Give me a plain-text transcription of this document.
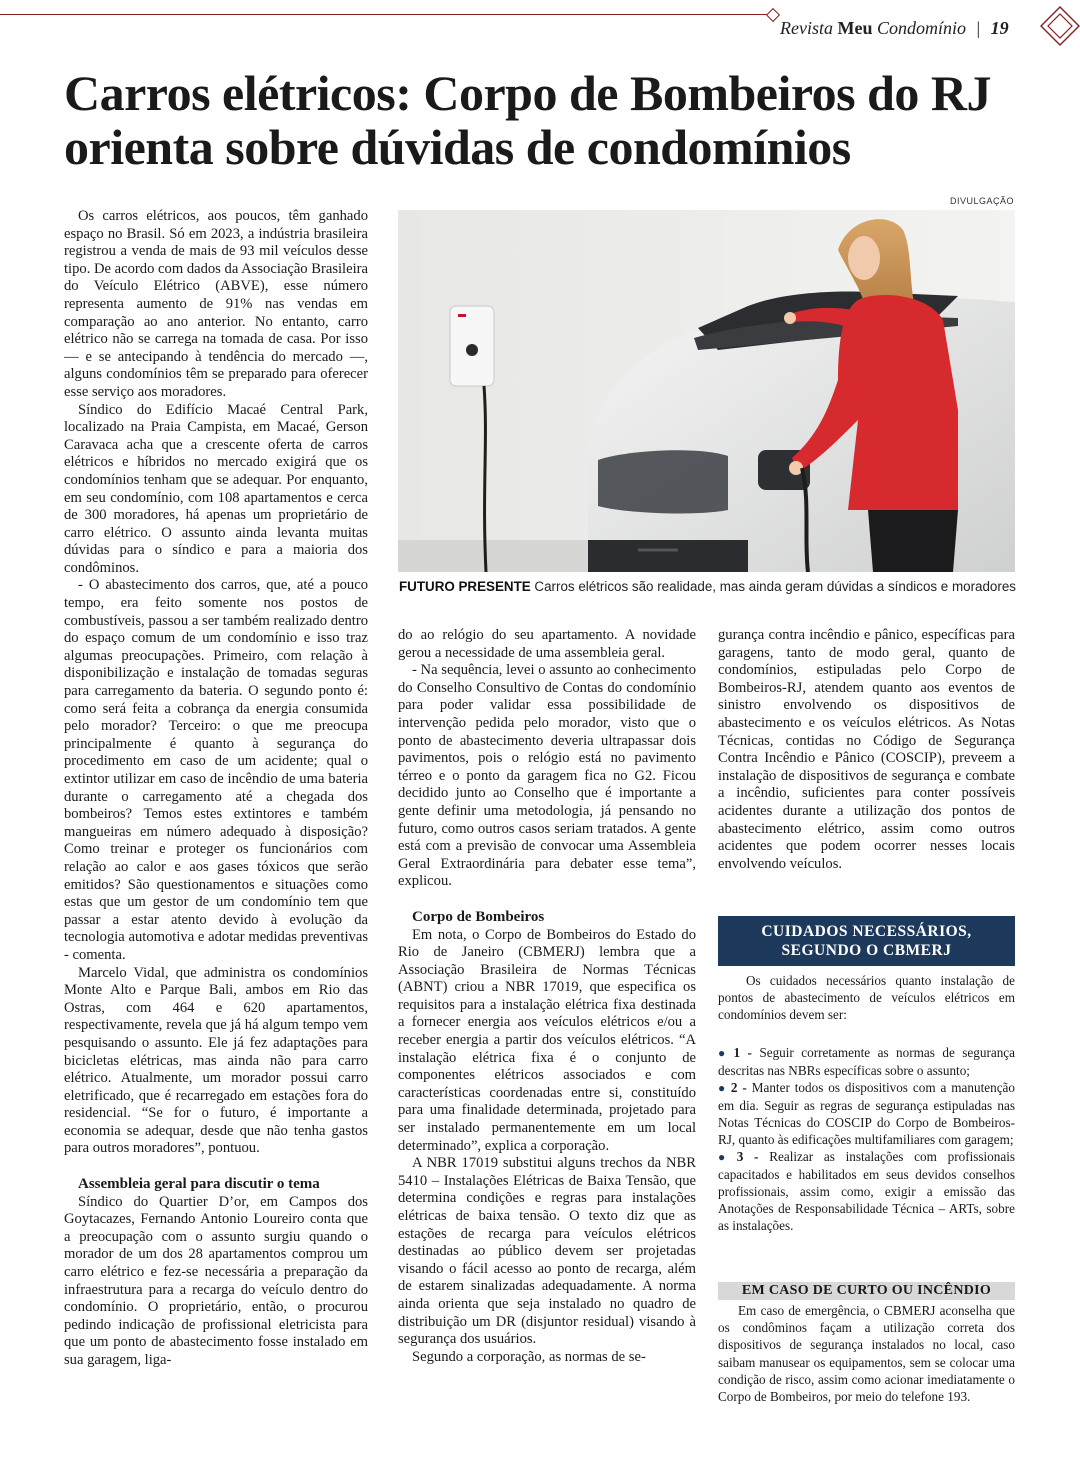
Revista Meu Condomínio | 19
Carros elétricos: Corpo de Bombeiros do RJ orienta sobre dúvidas de condomínios
DIVULGAÇÃO
FUTURO PRESENTE Carros elétricos são realidade, mas ainda geram dúvidas a síndicos e moradores

Os carros elétricos, aos poucos, têm ganhado espaço no Brasil. Só em 2023, a indústria brasileira registrou a venda de mais de 93 mil veículos desse tipo. De acordo com dados da Associação Brasileira do Veículo Elétrico (ABVE), esse número representa aumento de 91% nas vendas em comparação ao ano anterior. No entanto, carro elétrico não se carrega na tomada de casa. Por isso — e se antecipando à tendência do mercado —, alguns condomínios têm se preparado para oferecer esse serviço aos moradores.

Síndico do Edifício Macaé Central Park, localizado na Praia Campista, em Macaé, Gerson Caravaca acha que a crescente oferta de carros elétricos e híbridos no mercado exigirá que os condomínios tenham que se adequar. Por enquanto, em seu condomínio, com 108 apartamentos e cerca de 300 moradores, há apenas um proprietário de carro elétrico. O assunto ainda levanta muitas dúvidas para o síndico e para a maioria dos condôminos.

- O abastecimento dos carros, que, até a pouco tempo, era feito somente nos postos de combustíveis, passou a ser também realizado dentro do espaço comum de um condomínio e isso traz algumas preocupações. Primeiro, com relação à disponibilização e instalação de tomadas seguras para carregamento da bateria. O segundo ponto é: como será feita a cobrança da energia consumida pelo morador? Terceiro: o que me preocupa principalmente é quanto à segurança do procedimento em caso de um acidente; qual o extintor utilizar em caso de incêndio de uma bateria durante o carregamento até a chegada dos bombeiros? Temos estes extintores e também mangueiras em número adequado à disposição? Como treinar e proteger os funcionários com relação ao calor e aos gases tóxicos que serão emitidos? São questionamentos e situações como estas que um gestor de um condomínio tem que passar a estar atento devido à evolução da tecnologia automotiva e adotar medidas preventivas - comenta.

Marcelo Vidal, que administra os condomínios Monte Alto e Parque Bali, ambos em Rio das Ostras, com 464 e 620 apartamentos, respectivamente, revela que já há algum tempo vem pesquisando o assunto. Ele já fez adaptações para bicicletas elétricas, mas ainda não para carro elétrico. Atualmente, um morador possui carro eletrificado, que é recarregado em estações fora do residencial. “Se for o futuro, é importante a economia se adequar, desde que não tenha gastos para outros moradores”, pontuou.

Assembleia geral para discutir o tema

Síndico do Quartier D’or, em Campos dos Goytacazes, Fernando Antonio Loureiro conta que a preocupação com o assunto surgiu quando o morador de um dos 28 apartamentos comprou um carro elétrico e fez-se necessária a preparação da infraestrutura para a recarga do veículo dentro do condomínio. O proprietário, então, o procurou pedindo indicação de profissional eletricista para que um ponto de abastecimento fosse instalado em sua garagem, liga-

do ao relógio do seu apartamento. A novidade gerou a necessidade de uma assembleia geral.

- Na sequência, levei o assunto ao conhecimento do Conselho Consultivo de Contas do condomínio para poder validar essa possibilidade de intervenção pedida pelo morador, visto que o ponto de abastecimento deveria ultrapassar dois pavimentos, pois o relógio está no pavimento térreo e o ponto da garagem fica no G2. Ficou decidido junto ao Conselho que é importante a gente definir uma metodologia, já pensando no futuro, como outros casos seriam tratados. A gente está com a previsão de convocar uma Assembleia Geral Extraordinária para debater esse tema”, explicou.

Corpo de Bombeiros

Em nota, o Corpo de Bombeiros do Estado do Rio de Janeiro (CBMERJ) lembra que a Associação Brasileira de Normas Técnicas (ABNT) criou a NBR 17019, que especifica os requisitos para a instalação elétrica fixa destinada a fornecer energia aos veículos elétricos e/ou a receber energia a partir dos veículos elétricos. “A instalação elétrica fixa é o conjunto de componentes elétricos associados e com características coordenadas entre si, constituído para uma finalidade determinada, projetado para ser instalado permanentemente em um local determinado”, explica a corporação.

A NBR 17019 substitui alguns trechos da NBR 5410 – Instalações Elétricas de Baixa Tensão, que determina condições e regras para instalações elétricas de baixa tensão. O texto diz que as estações de recarga para veículos elétricos destinadas ao público devem ser projetadas visando o fácil acesso ao ponto de recarga, além de estarem sinalizadas adequadamente. A norma ainda orienta que seja instalado no quadro de distribuição um DR (disjuntor residual) visando à segurança dos usuários.

Segundo a corporação, as normas de se-

gurança contra incêndio e pânico, específicas para garagens, tanto de modo geral, quanto de condomínios, estipuladas pelo Corpo de Bombeiros-RJ, atendem quanto aos eventos de sinistro envolvendo os dispositivos de abastecimento e os veículos elétricos. As Notas Técnicas, contidas no Código de Segurança Contra Incêndio e Pânico (COSCIP), preveem a instalação de dispositivos de segurança e combate a incêndio, suficientes para conter possíveis acidentes durante a utilização dos pontos de abastecimento elétrico, assim como outros acidentes que podem ocorrer nesses locais envolvendo veículos.

CUIDADOS NECESSÁRIOS,
SEGUNDO O CBMERJ

Os cuidados necessários quanto instalação de pontos de abastecimento de veículos elétricos em condomínios devem ser:

● 1 - Seguir corretamente as normas de segurança descritas nas NBRs específicas sobre o assunto;

● 2 - Manter todos os dispositivos com a manutenção em dia. Seguir as regras de segurança estipuladas nas Notas Técnicas do COSCIP do Corpo de Bombeiros-RJ, quanto às edificações multifamiliares com garagem;

● 3 - Realizar as instalações com profissionais capacitados e habilitados em seus devidos conselhos profissionais, assim como, exigir a emissão das Anotações de Responsabilidade Técnica – ARTs, sobre as instalações.

EM CASO DE CURTO OU INCÊNDIO

Em caso de emergência, o CBMERJ aconselha que os condôminos façam a utilização correta dos dispositivos de segurança instalados no local, caso saibam manusear os equipamentos, sem se colocar uma condição de risco, assim como acionar imediatamente o Corpo de Bombeiros, por meio do telefone 193.
